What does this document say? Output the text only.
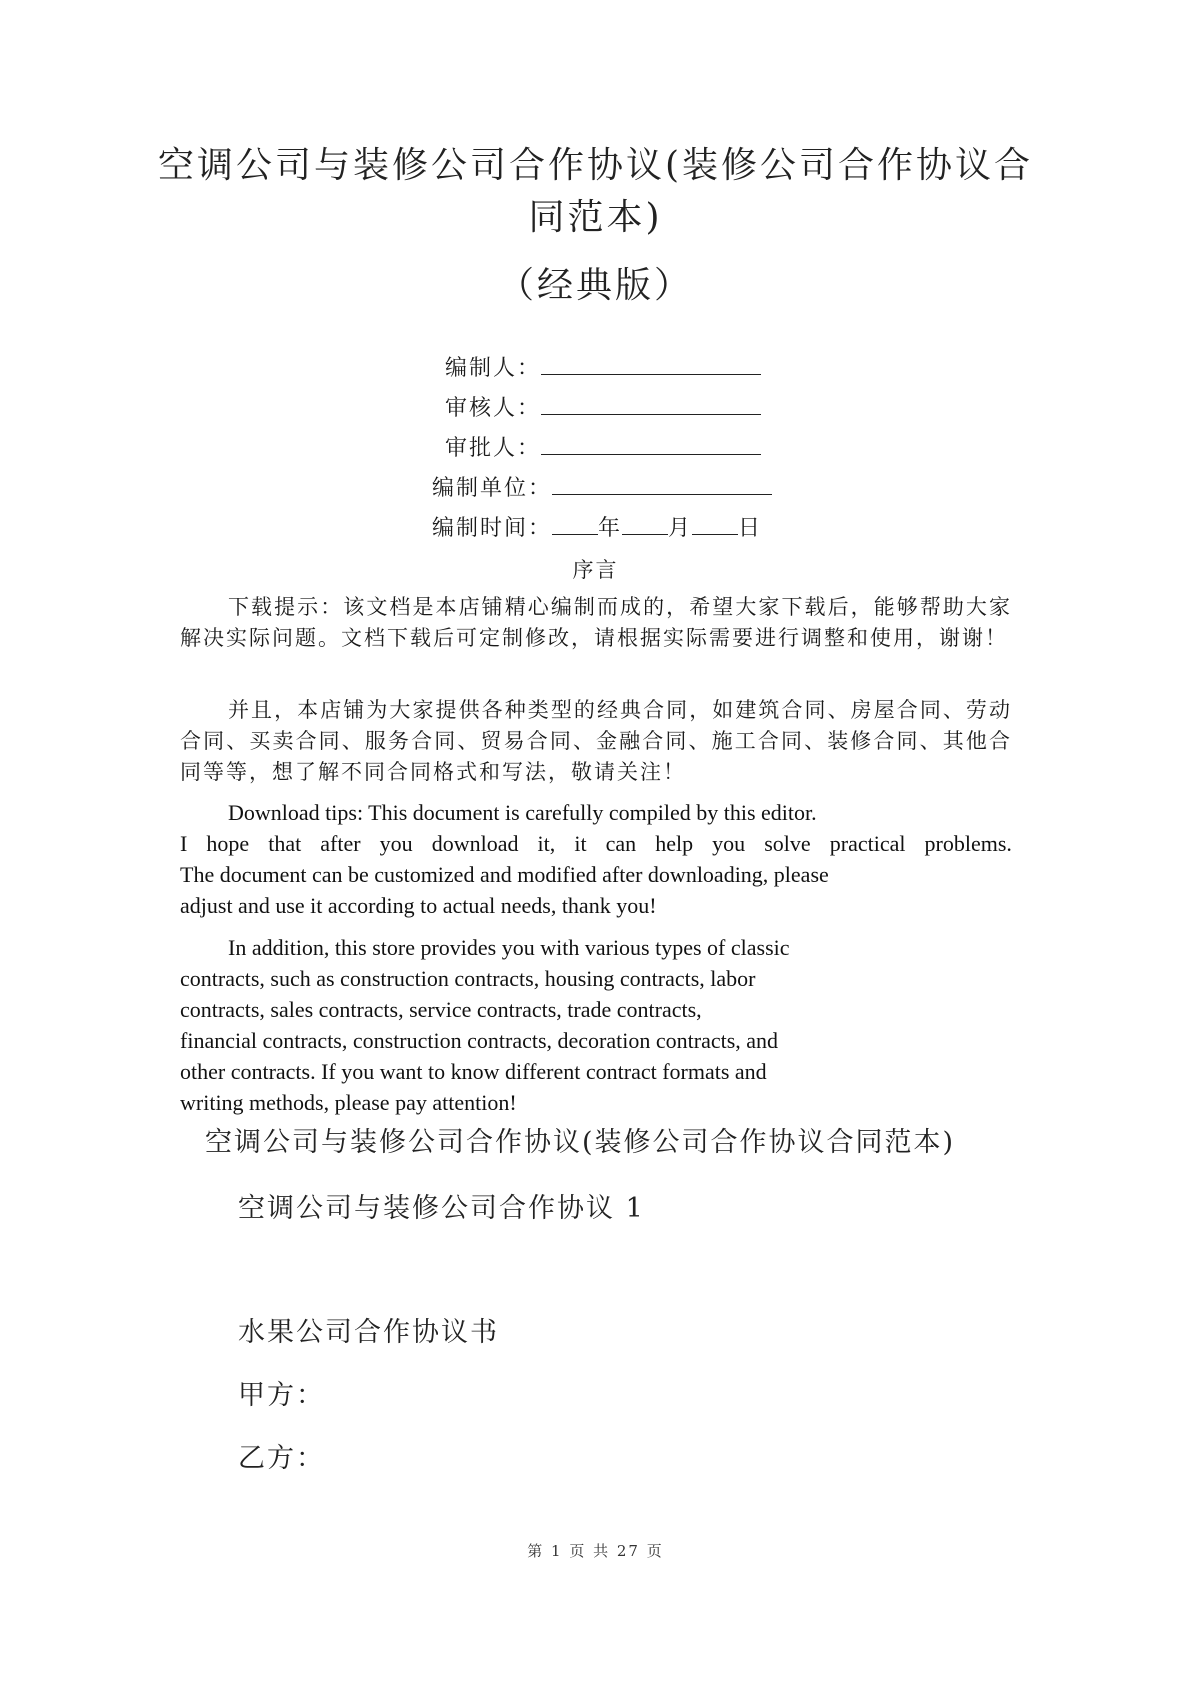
空调公司与装修公司合作协议(装修公司合作协议合
同范本)
（经典版）
编制人：
审核人：
审批人：
编制单位：
编制时间： 年 月 日
序言
下载提示：该文档是本店铺精心编制而成的，希望大家下载后，能够帮助大家解决实际问题。文档下载后可定制修改，请根据实际需要进行调整和使用，谢谢！
并且，本店铺为大家提供各种类型的经典合同，如建筑合同、房屋合同、劳动合同、买卖合同、服务合同、贸易合同、金融合同、施工合同、装修合同、其他合同等等，想了解不同合同格式和写法，敬请关注！
Download tips: This document is carefully compiled by this editor.
I hope that after you download it, it can help you solve practical problems.
The document can be customized and modified after downloading, please
adjust and use it according to actual needs, thank you!
In addition, this store provides you with various types of classic
contracts, such as construction contracts, housing contracts, labor
contracts, sales contracts, service contracts, trade contracts,
financial contracts, construction contracts, decoration contracts, and
other contracts. If you want to know different contract formats and
writing methods, please pay attention!
空调公司与装修公司合作协议(装修公司合作协议合同范本)
空调公司与装修公司合作协议 1
水果公司合作协议书
甲方：
乙方：
第 1 页 共 27 页
